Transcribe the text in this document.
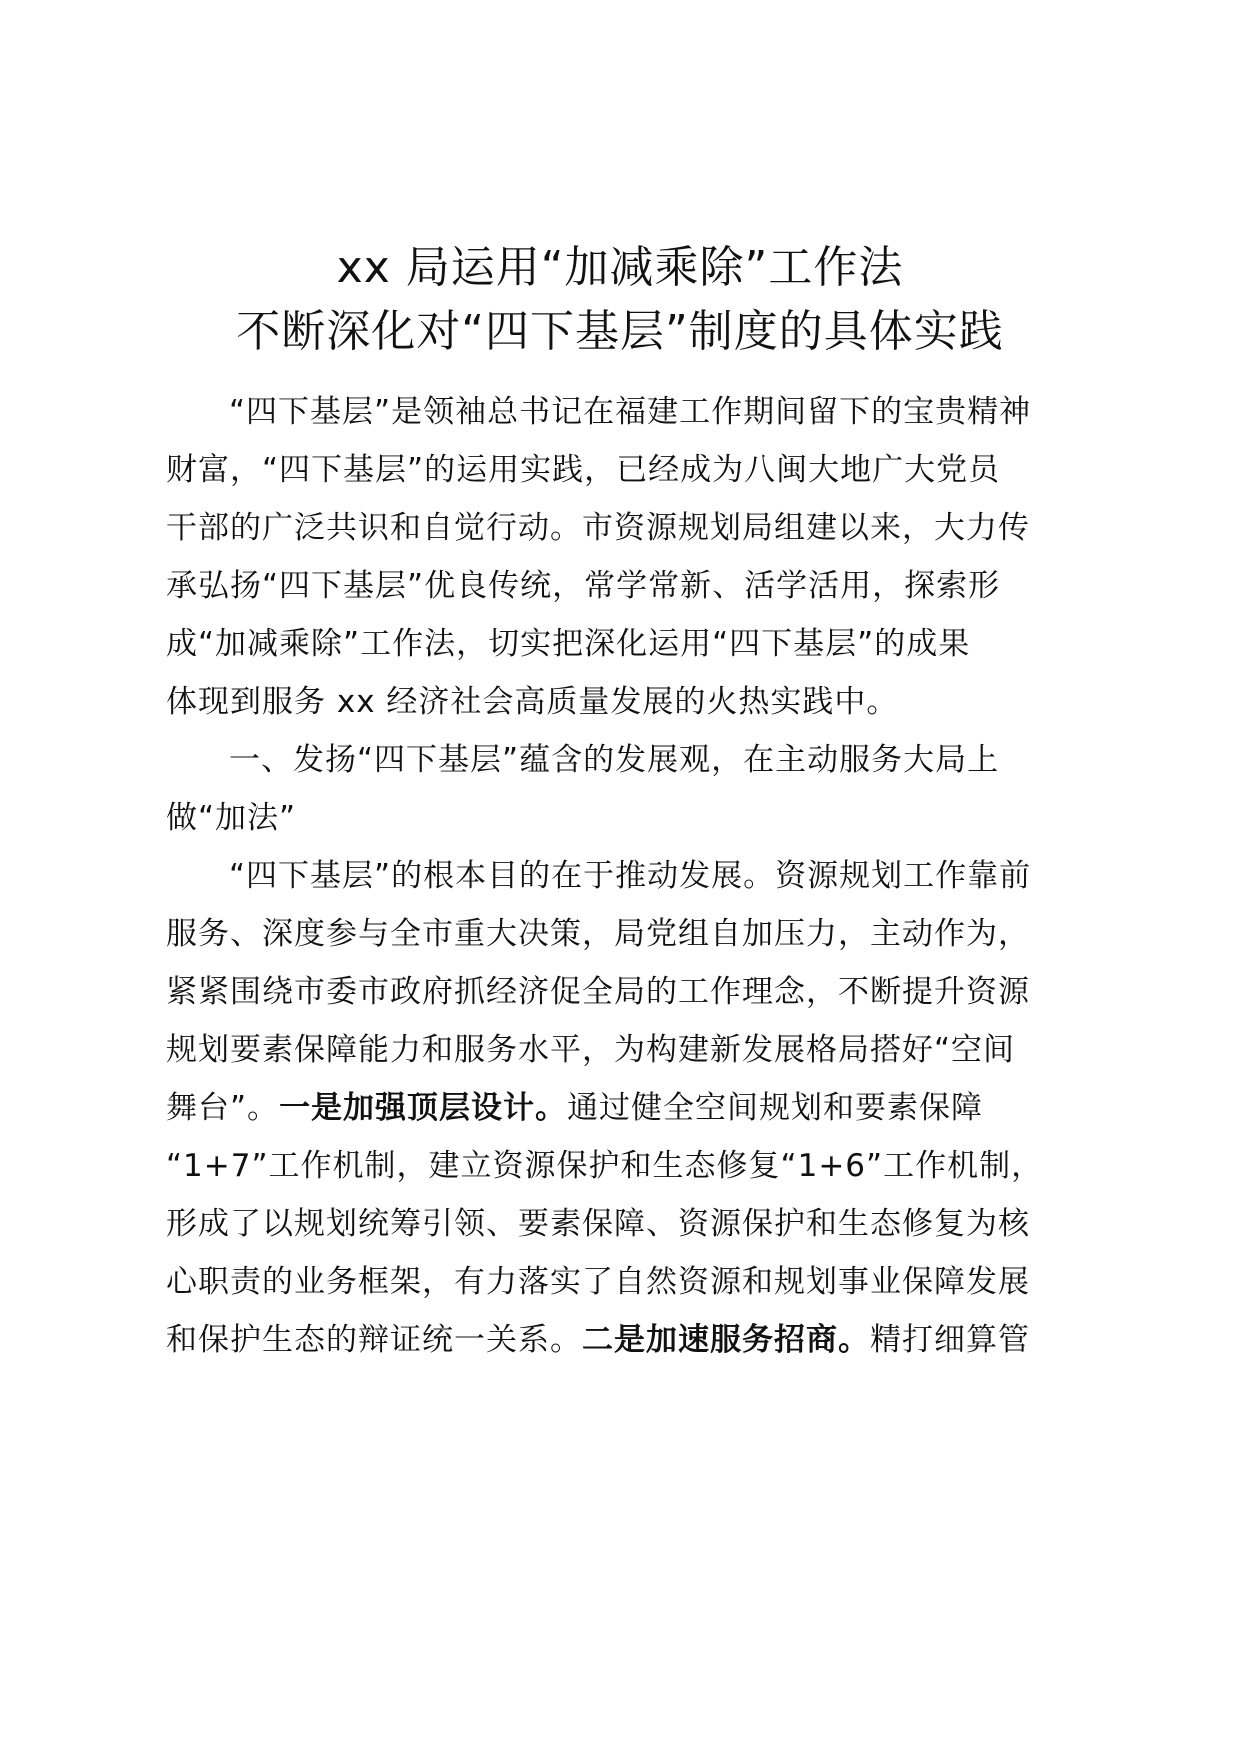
xx 局运用“加减乘除”工作法
不断深化对“四下基层”制度的具体实践
“四下基层”是领袖总书记在福建工作期间留下的宝贵精神
财富，“四下基层”的运用实践，已经成为八闽大地广大党员
干部的广泛共识和自觉行动。市资源规划局组建以来，大力传
承弘扬“四下基层”优良传统，常学常新、活学活用，探索形
成“加减乘除”工作法，切实把深化运用“四下基层”的成果
体现到服务 xx 经济社会高质量发展的火热实践中。
一、发扬“四下基层”蕴含的发展观，在主动服务大局上
做“加法”
“四下基层”的根本目的在于推动发展。资源规划工作靠前
服务、深度参与全市重大决策，局党组自加压力，主动作为，
紧紧围绕市委市政府抓经济促全局的工作理念，不断提升资源
规划要素保障能力和服务水平，为构建新发展格局搭好“空间
舞台”。一是加强顶层设计。通过健全空间规划和要素保障
“1+7”工作机制，建立资源保护和生态修复“1+6”工作机制，
形成了以规划统筹引领、要素保障、资源保护和生态修复为核
心职责的业务框架，有力落实了自然资源和规划事业保障发展
和保护生态的辩证统一关系。二是加速服务招商。精打细算管
